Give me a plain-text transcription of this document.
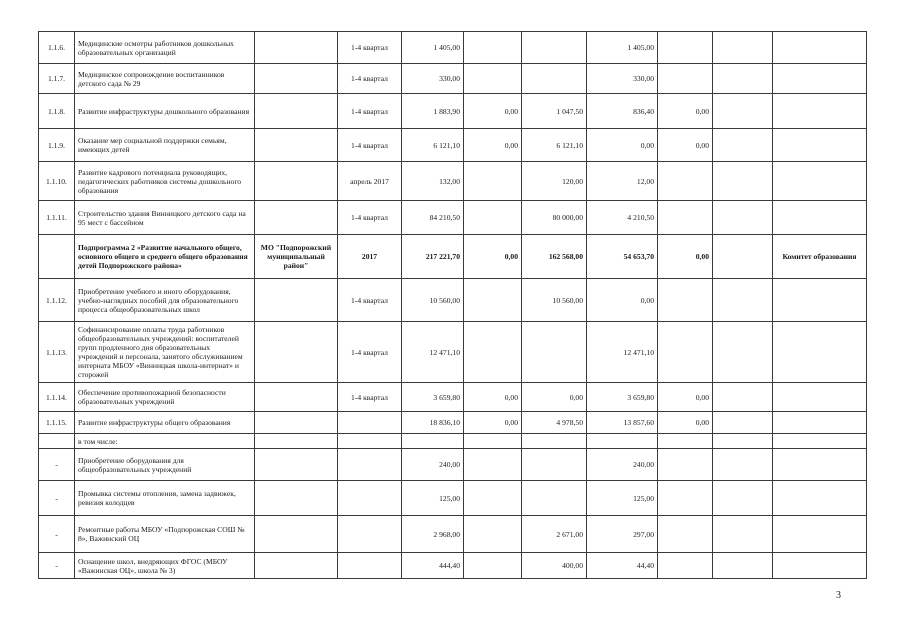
1.1.6.	Медицинские осмотры работников дошкольных образовательных организаций		1-4 квартал	1 405,00			1 405,00			
1.1.7.	Медицинское сопровождение воспитанников детского сада № 29		1-4 квартал	330,00			330,00			
1.1.8.	Развитие инфраструктуры дошкольного образования		1-4 квартал	1 883,90	0,00	1 047,50	836,40	0,00		
1.1.9.	Оказание мер социальной поддержки семьям, имеющих детей		1-4 квартал	6 121,10	0,00	6 121,10	0,00	0,00		
1.1.10.	Развитие кадрового потенциала руководящих, педагогических работников системы дошкольного образования		апрель 2017	132,00		120,00	12,00			
1.1.11.	Строительство здания Винницкого детского сада на 95 мест с бассейном		1-4 квартал	84 210,50		80 000,00	4 210,50			
	Подпрограмма 2 «Развитие начального общего, основного общего и среднего общего образования детей Подпорожского района»	МО "Подпорожский муниципальный район"	2017	217 221,70	0,00	162 568,00	54 653,70	0,00		Комитет образования
1.1.12.	Приобретение учебного и иного оборудования, учебно-наглядных пособий для образовательного процесса общеобразовательных школ		1-4 квартал	10 560,00		10 560,00	0,00			
1.1.13.	Софинансирование оплаты труда работников общеобразовательных учреждений: воспитателей групп продленного дня образовательных учреждений и персонала, занятого обслуживанием интерната МБОУ «Винницкая школа-интернат» и сторожей		1-4 квартал	12 471,10			12 471,10			
1.1.14.	Обеспечение противопожарной безопасности образовательных учреждений		1-4 квартал	3 659,80	0,00	0,00	3 659,80	0,00		
1.1.15.	Развитие инфраструктуры общего образования			18 836,10	0,00	4 978,50	13 857,60	0,00		
	в том числе:									
-	Приобретение оборудования для общеобразовательных учреждений			240,00			240,00			
-	Промывка системы отопления, замена задвижек, ревизия колодцев			125,00			125,00			
-	Ремонтные работы МБОУ «Подпорожская СОШ № 8», Важинский ОЦ			2 968,00		2 671,00	297,00			
-	Оснащение школ, внедряющих ФГОС (МБОУ «Важинская ОЦ», школа № 3)			444,40		400,00	44,40			
3
